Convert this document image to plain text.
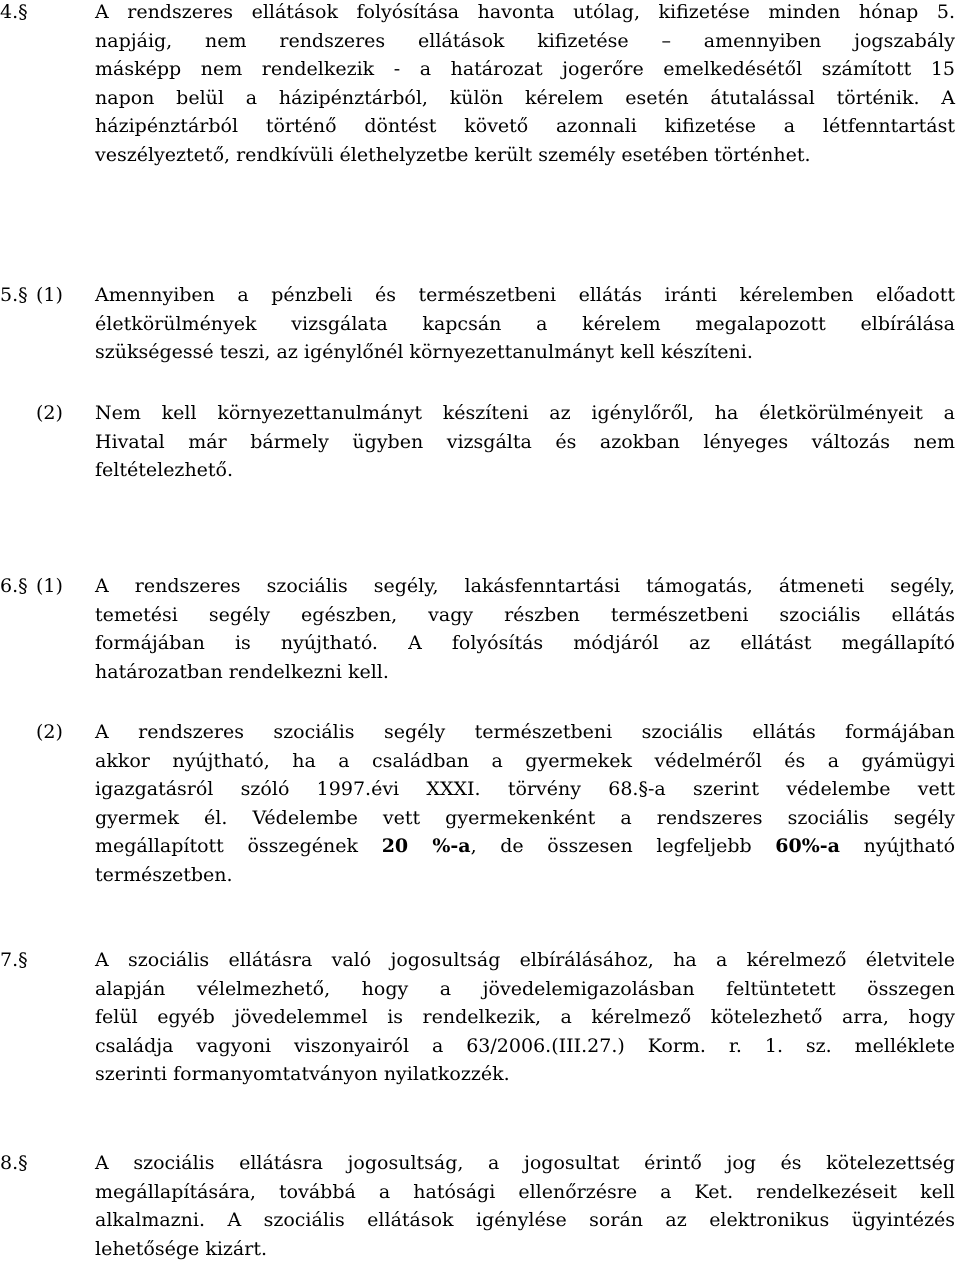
4.§	A rendszeres ellátások folyósítása havonta utólag, kifizetése minden hónap 5.
napjáig, nem rendszeres ellátások kifizetése – amennyiben jogszabály
másképp nem rendelkezik - a határozat jogerőre emelkedésétől számított 15
napon belül a házipénztárból, külön kérelem esetén átutalással történik. A
házipénztárból történő döntést követő azonnali kifizetése a létfenntartást
veszélyeztető, rendkívüli élethelyzetbe került személy esetében történhet.
5.§ (1) Amennyiben a pénzbeli és természetbeni ellátás iránti kérelemben előadott
életkörülmények vizsgálata kapcsán a kérelem megalapozott elbírálása
szükségessé teszi, az igénylőnél környezettanulmányt kell készíteni.
(2) Nem kell környezettanulmányt készíteni az igénylőről, ha életkörülményeit a
Hivatal már bármely ügyben vizsgálta és azokban lényeges változás nem
feltételezhető.
6.§ (1) A rendszeres szociális segély, lakásfenntartási támogatás, átmeneti segély,
temetési segély egészben, vagy részben természetbeni szociális ellátás
formájában is nyújtható. A folyósítás módjáról az ellátást megállapító
határozatban rendelkezni kell.
(2) A rendszeres szociális segély természetbeni szociális ellátás formájában
akkor nyújtható, ha a családban a gyermekek védelméről és a gyámügyi
igazgatásról szóló 1997.évi XXXI. törvény 68.§-a szerint védelembe vett
gyermek él. Védelembe vett gyermekenként a rendszeres szociális segély
megállapított összegének 20 %-a, de összesen legfeljebb 60%-a nyújtható
természetben.
7.§	A szociális ellátásra való jogosultság elbírálásához, ha a kérelmező életvitele
alapján vélelmezhető, hogy a jövedelemigazolásban feltüntetett összegen
felül egyéb jövedelemmel is rendelkezik, a kérelmező kötelezhető arra, hogy
családja vagyoni viszonyairól a 63/2006.(III.27.) Korm. r. 1. sz. melléklete
szerinti formanyomtatványon nyilatkozzék.
8.§	A szociális ellátásra jogosultság, a jogosultat érintő jog és kötelezettség
megállapítására, továbbá a hatósági ellenőrzésre a Ket. rendelkezéseit kell
alkalmazni. A szociális ellátások igénylése során az elektronikus ügyintézés
lehetősége kizárt.
